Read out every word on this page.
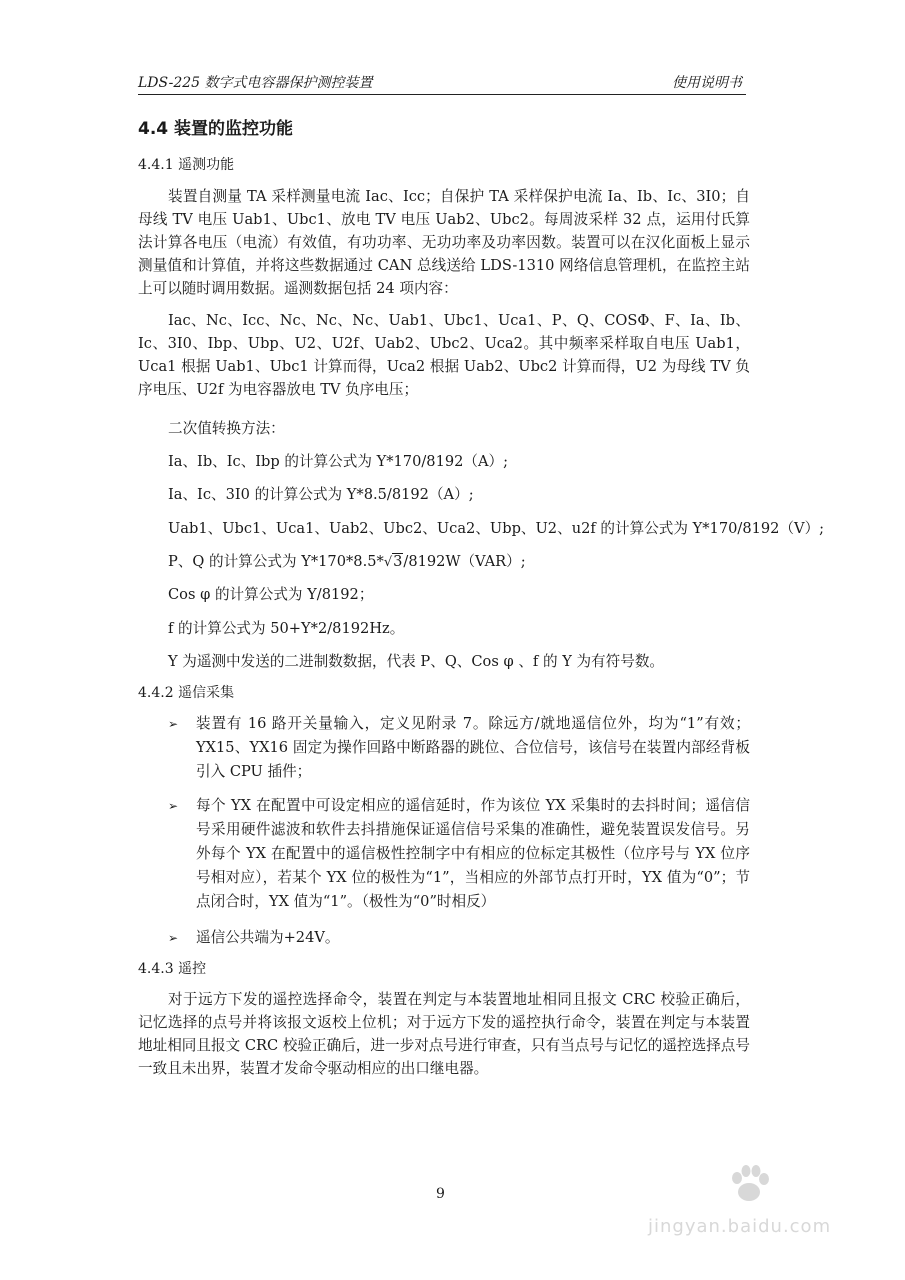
LDS-225 数字式电容器保护测控装置	使用说明书
4.4 装置的监控功能
4.4.1 遥测功能

装置自测量 TA 采样测量电流 Iac、Icc；自保护 TA 采样保护电流 Ia、Ib、Ic、3I0；自母线 TV 电压 Uab1、Ubc1、放电 TV 电压 Uab2、Ubc2。每周波采样 32 点，运用付氏算法计算各电压（电流）有效值，有功功率、无功功率及功率因数。装置可以在汉化面板上显示测量值和计算值，并将这些数据通过 CAN 总线送给 LDS-1310 网络信息管理机，在监控主站上可以随时调用数据。遥测数据包括 24 项内容：

Iac、Nc、Icc、Nc、Nc、Nc、Uab1、Ubc1、Uca1、P、Q、COSΦ、F、Ia、Ib、Ic、3I0、Ibp、Ubp、U2、U2f、Uab2、Ubc2、Uca2。其中频率采样取自电压 Uab1，Uca1 根据 Uab1、Ubc1 计算而得，Uca2 根据 Uab2、Ubc2 计算而得，U2 为母线 TV 负序电压、U2f 为电容器放电 TV 负序电压；

二次值转换方法：
Ia、Ib、Ic、Ibp 的计算公式为 Y*170/8192（A）;
Ia、Ic、3I0 的计算公式为 Y*8.5/8192（A）;
Uab1、Ubc1、Uca1、Uab2、Ubc2、Uca2、Ubp、U2、u2f 的计算公式为 Y*170/8192（V）;
P、Q 的计算公式为 Y*170*8.5*√3/8192W（VAR）;
Cos φ 的计算公式为 Y/8192；
f 的计算公式为 50+Y*2/8192Hz。
Y 为遥测中发送的二进制数数据，代表 P、Q、Cos φ 、f 的 Y 为有符号数。
4.4.2 遥信采集
➢	装置有 16 路开关量输入，定义见附录 7。除远方/就地遥信位外，均为“1”有效；YX15、YX16 固定为操作回路中断路器的跳位、合位信号，该信号在装置内部经背板引入 CPU 插件；
➢	每个 YX 在配置中可设定相应的遥信延时，作为该位 YX 采集时的去抖时间；遥信信号采用硬件滤波和软件去抖措施保证遥信信号采集的准确性，避免装置误发信号。另外每个 YX 在配置中的遥信极性控制字中有相应的位标定其极性（位序号与 YX 位序号相对应），若某个 YX 位的极性为“1”，当相应的外部节点打开时，YX 值为“0”；节点闭合时，YX 值为“1”。（极性为“0”时相反）
➢	遥信公共端为+24V。
4.4.3 遥控

对于远方下发的遥控选择命令，装置在判定与本装置地址相同且报文 CRC 校验正确后，记忆选择的点号并将该报文返校上位机；对于远方下发的遥控执行命令，装置在判定与本装置地址相同且报文 CRC 校验正确后，进一步对点号进行审查，只有当点号与记忆的遥控选择点号一致且未出界，装置才发命令驱动相应的出口继电器。

9
jingyan.baidu.com
